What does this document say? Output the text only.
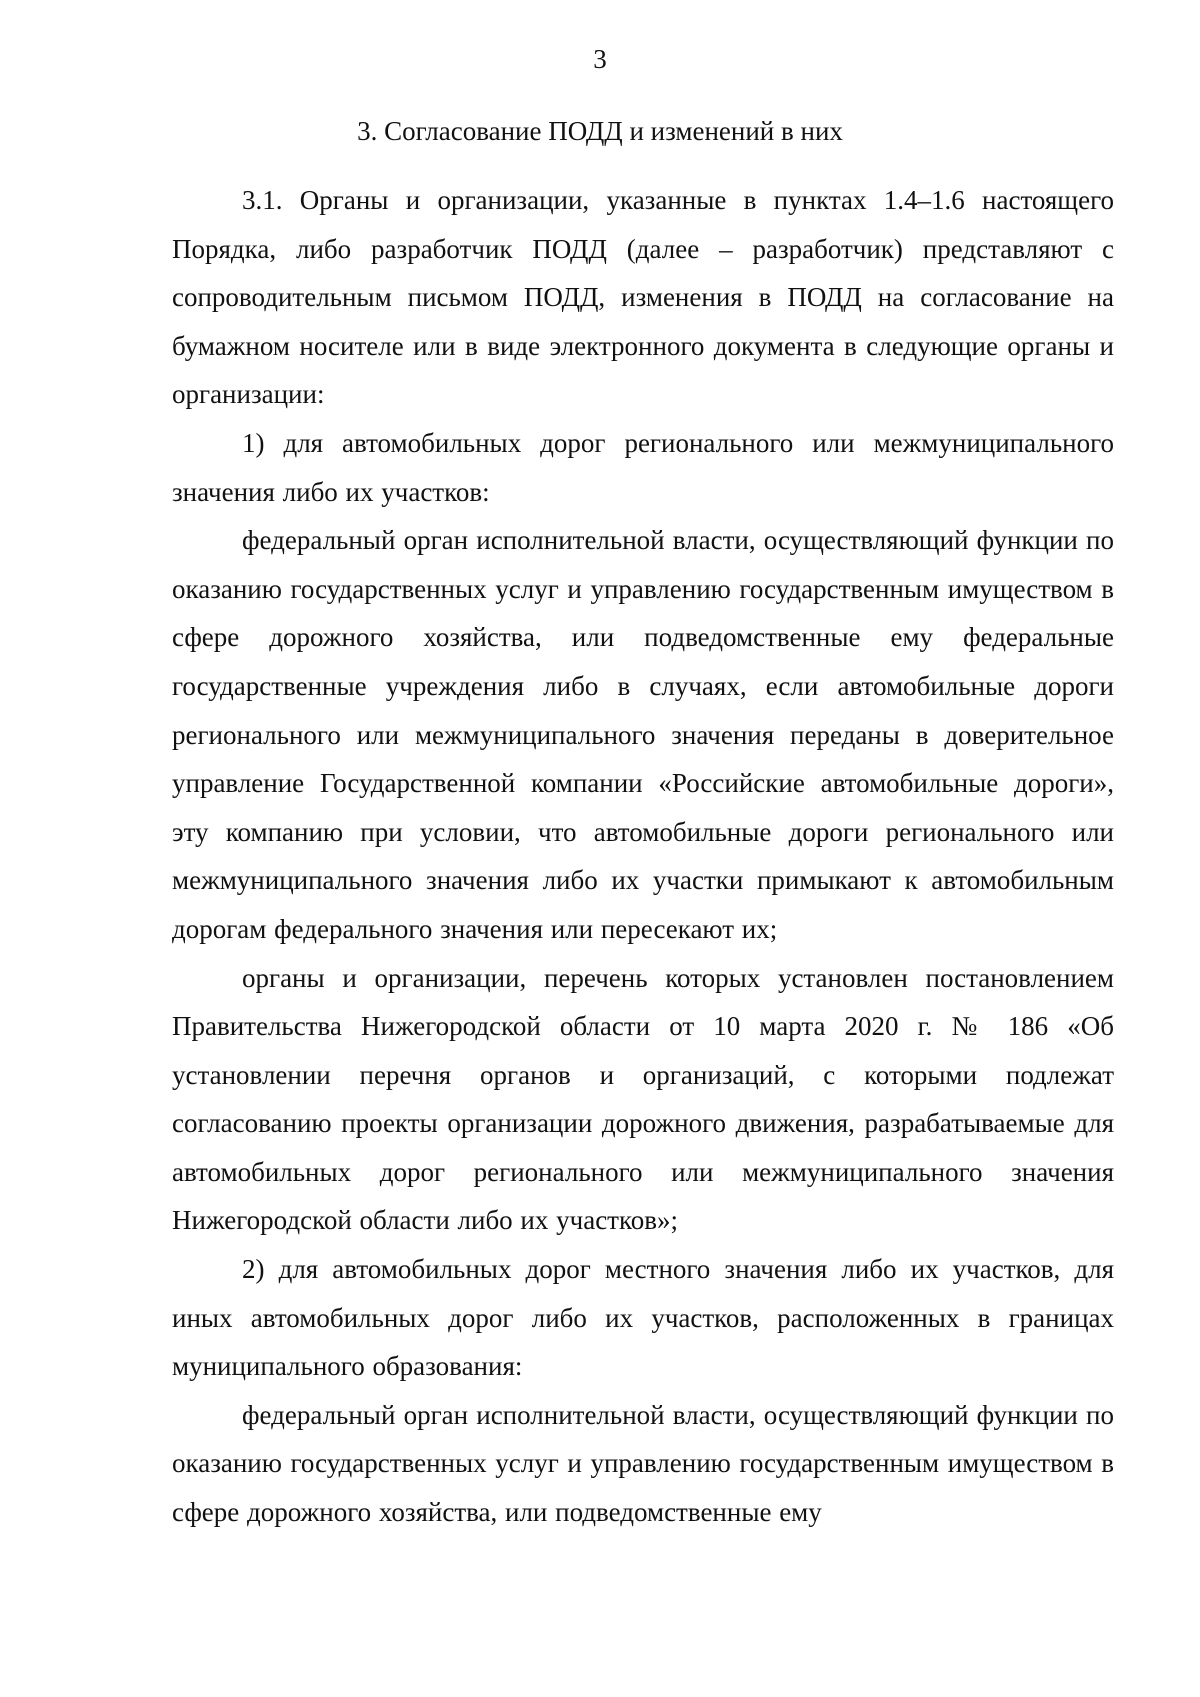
3
3. Согласование ПОДД и изменений в них

3.1. Органы и организации, указанные в пунктах 1.4–1.6 настоящего Порядка, либо разработчик ПОДД (далее – разработчик) представляют с сопроводительным письмом ПОДД, изменения в ПОДД на согласование на бумажном носителе или в виде электронного документа в следующие органы и организации:

1) для автомобильных дорог регионального или межмуниципального значения либо их участков:

федеральный орган исполнительной власти, осуществляющий функции по оказанию государственных услуг и управлению государственным имуществом в сфере дорожного хозяйства, или подведомственные ему федеральные государственные учреждения либо в случаях, если автомобильные дороги регионального или межмуниципального значения переданы в доверительное управление Государственной компании «Российские автомобильные дороги», эту компанию при условии, что автомобильные дороги регионального или межмуниципального значения либо их участки примыкают к автомобильным дорогам федерального значения или пересекают их;

органы и организации, перечень которых установлен постановлением Правительства Нижегородской области от 10 марта 2020 г. № 186 «Об установлении перечня органов и организаций, с которыми подлежат согласованию проекты организации дорожного движения, разрабатываемые для автомобильных дорог регионального или межмуниципального значения Нижегородской области либо их участков»;

2) для автомобильных дорог местного значения либо их участков, для иных автомобильных дорог либо их участков, расположенных в границах муниципального образования:

федеральный орган исполнительной власти, осуществляющий функции по оказанию государственных услуг и управлению государственным имуществом в сфере дорожного хозяйства, или подведомственные ему
